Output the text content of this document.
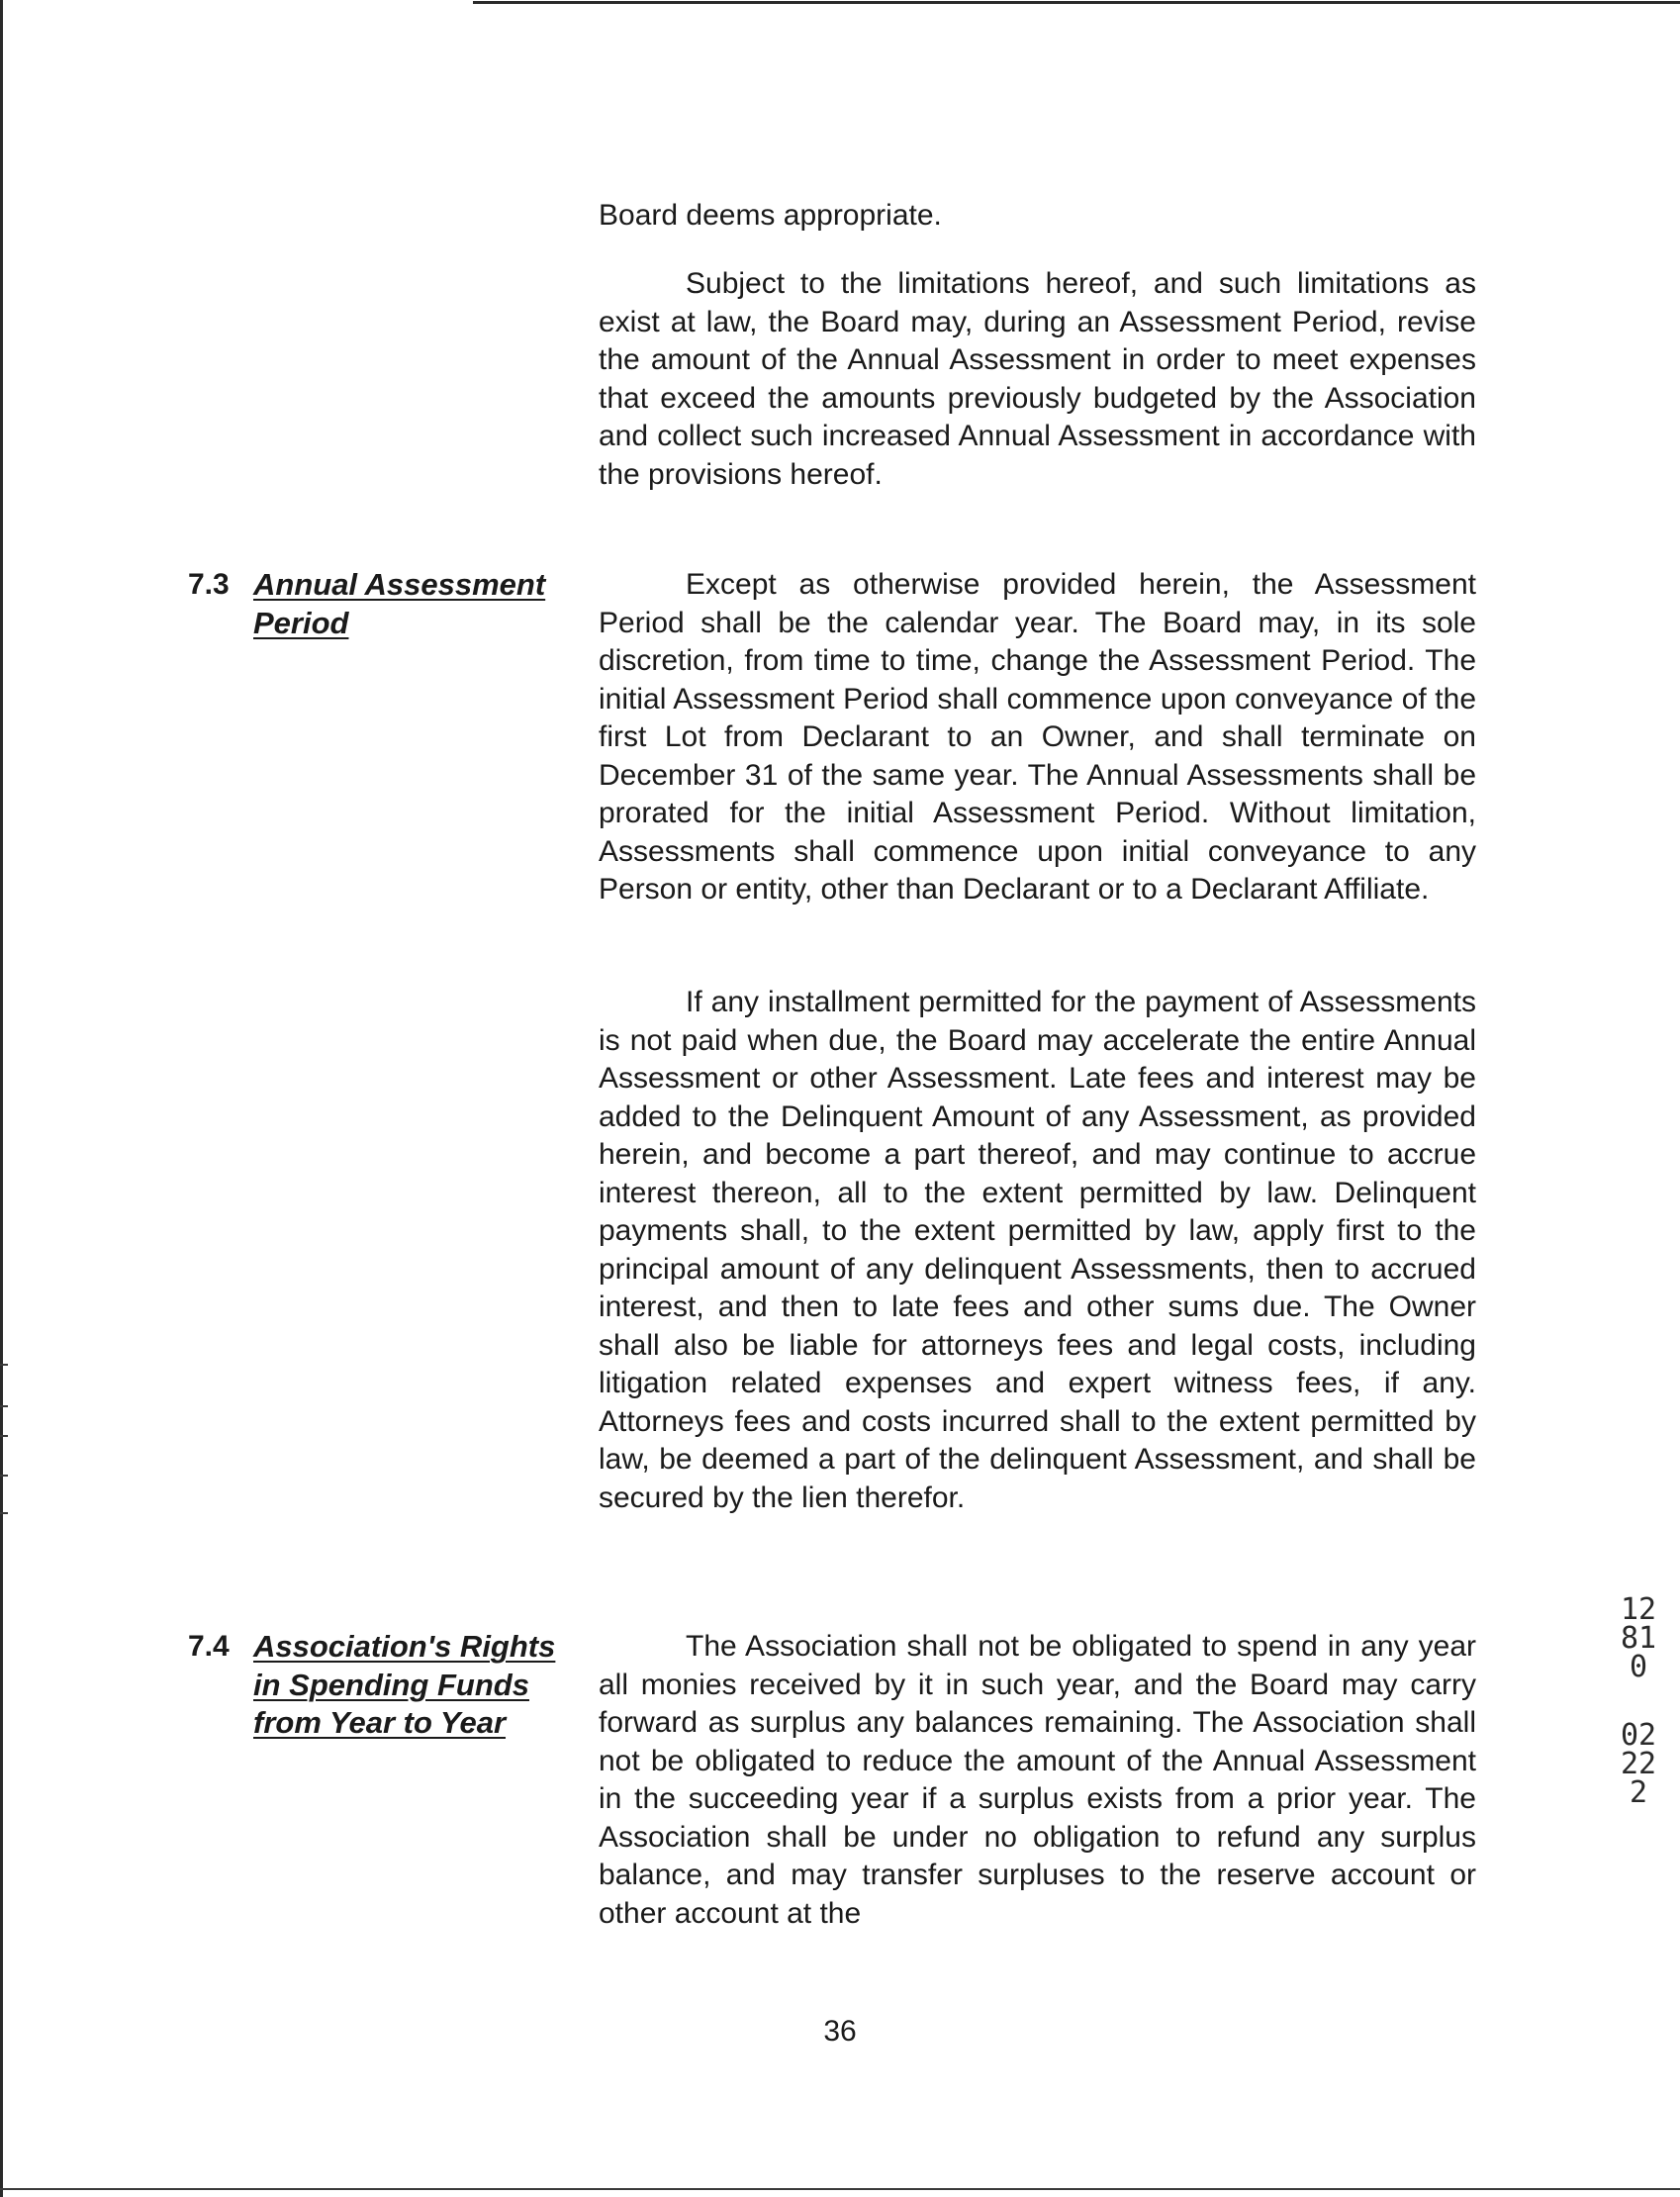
Board deems appropriate.

Subject to the limitations hereof, and such limitations as exist at law, the Board may, during an Assessment Period, revise the amount of the Annual Assessment in order to meet expenses that exceed the amounts previously budgeted by the Association and collect such increased Annual Assessment in accordance with the provisions hereof.

7.3 Annual Assessment Period

Except as otherwise provided herein, the Assessment Period shall be the calendar year. The Board may, in its sole discretion, from time to time, change the Assessment Period. The initial Assessment Period shall commence upon conveyance of the first Lot from Declarant to an Owner, and shall terminate on December 31 of the same year. The Annual Assessments shall be prorated for the initial Assessment Period. Without limitation, Assessments shall commence upon initial conveyance to any Person or entity, other than Declarant or to a Declarant Affiliate.

If any installment permitted for the payment of Assessments is not paid when due, the Board may accelerate the entire Annual Assessment or other Assessment. Late fees and interest may be added to the Delinquent Amount of any Assessment, as provided herein, and become a part thereof, and may continue to accrue interest thereon, all to the extent permitted by law. Delinquent payments shall, to the extent permitted by law, apply first to the principal amount of any delinquent Assessments, then to accrued interest, and then to late fees and other sums due. The Owner shall also be liable for attorneys fees and legal costs, including litigation related expenses and expert witness fees, if any. Attorneys fees and costs incurred shall to the extent permitted by law, be deemed a part of the delinquent Assessment, and shall be secured by the lien therefor.

7.4 Association's Rights in Spending Funds from Year to Year

The Association shall not be obligated to spend in any year all monies received by it in such year, and the Board may carry forward as surplus any balances remaining. The Association shall not be obligated to reduce the amount of the Annual Assessment in the succeeding year if a surplus exists from a prior year. The Association shall be under no obligation to refund any surplus balance, and may transfer surpluses to the reserve account or other account at the

36

12810
02222
